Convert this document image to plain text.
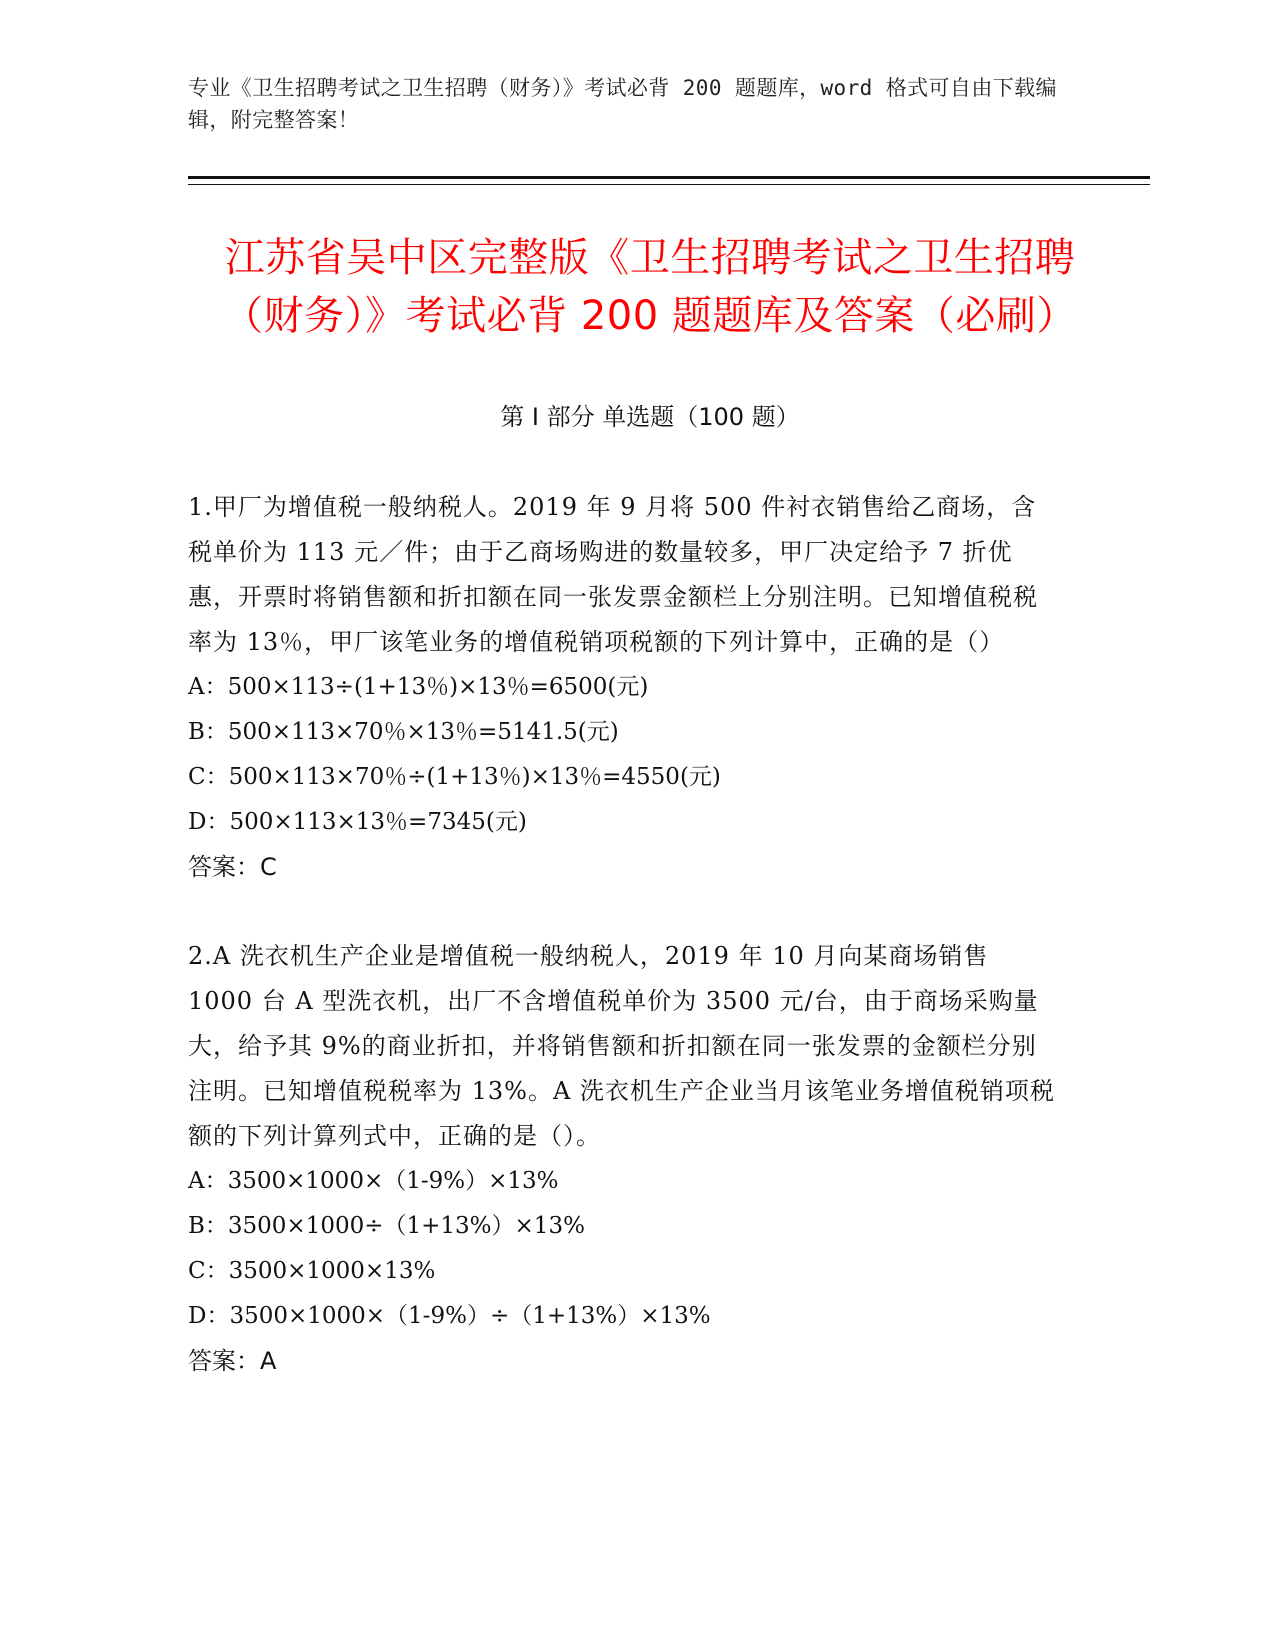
专业《卫生招聘考试之卫生招聘（财务）》考试必背 200 题题库，word 格式可自由下载编辑，附完整答案！

江苏省吴中区完整版《卫生招聘考试之卫生招聘（财务）》考试必背 200 题题库及答案（必刷）
第 I 部分 单选题（100 题）

1.甲厂为增值税一般纳税人。2019 年 9 月将 500 件衬衣销售给乙商场，含税单价为 113 元／件；由于乙商场购进的数量较多，甲厂决定给予 7 折优惠，开票时将销售额和折扣额在同一张发票金额栏上分别注明。已知增值税税率为 13％，甲厂该笔业务的增值税销项税额的下列计算中，正确的是（）

A：500×113÷(1+13％)×13％=6500(元)

B：500×113×70％×13％=5141.5(元)

C：500×113×70％÷(1+13％)×13％=4550(元)

D：500×113×13％=7345(元)

答案：C

2.A 洗衣机生产企业是增值税一般纳税人，2019 年 10 月向某商场销售 1000 台 A 型洗衣机，出厂不含增值税单价为 3500 元/台，由于商场采购量大，给予其 9%的商业折扣，并将销售额和折扣额在同一张发票的金额栏分别注明。已知增值税税率为 13%。A 洗衣机生产企业当月该笔业务增值税销项税额的下列计算列式中，正确的是（）。

A：3500×1000×（1-9%）×13%

B：3500×1000÷（1+13%）×13%

C：3500×1000×13%

D：3500×1000×（1-9%）÷（1+13%）×13%

答案：A
